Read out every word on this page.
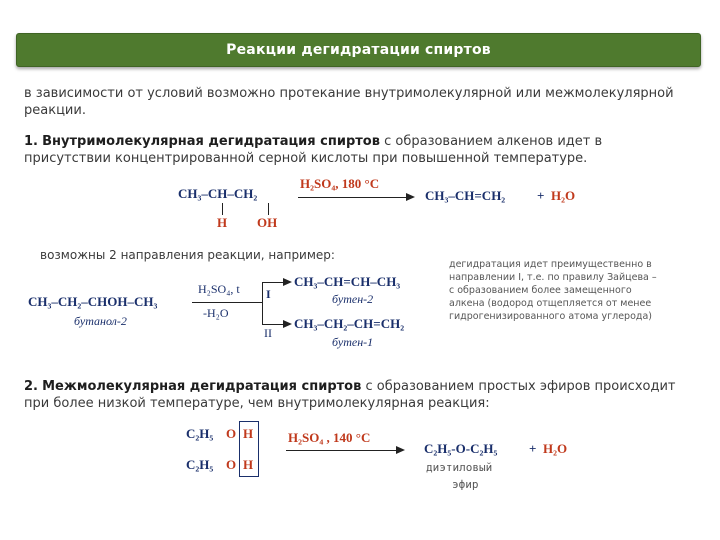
Реакции дегидратации спиртов
в зависимости от условий возможно протекание внутримолекулярной или межмолекулярной реакции.
1. Внутримолекулярная дегидратация спиртов с образованием алкенов идет в присутствии концентрированной серной кислоты при повышенной температуре.
CH₃–CH–CH₂
H OH
H₂SO₄, 180 °C
CH₃–CH=CH₂ + H₂O
возможны 2 направления реакции, например:
дегидратация идет преимущественно в направлении I, т.е. по правилу Зайцева – с образованием более замещенного алкена (водород отщепляется от менее гидрогенизированного атома углерода)
CH₃–CH₂–CHOH–CH₃
бутанол-2
H₂SO₄, t
-H₂O
I
II
CH₃–CH=CH–CH₃
бутен-2
CH₃–CH₂–CH=CH₂
бутен-1
2. Межмолекулярная дегидратация спиртов с образованием простых эфиров происходит при более низкой температуре, чем внутримолекулярная реакция:
C₂H₅ O H
C₂H₅ O H
H₂SO₄ , 140 °C
C₂H₅-O-C₂H₅ + H₂O
диэтиловый
эфир
